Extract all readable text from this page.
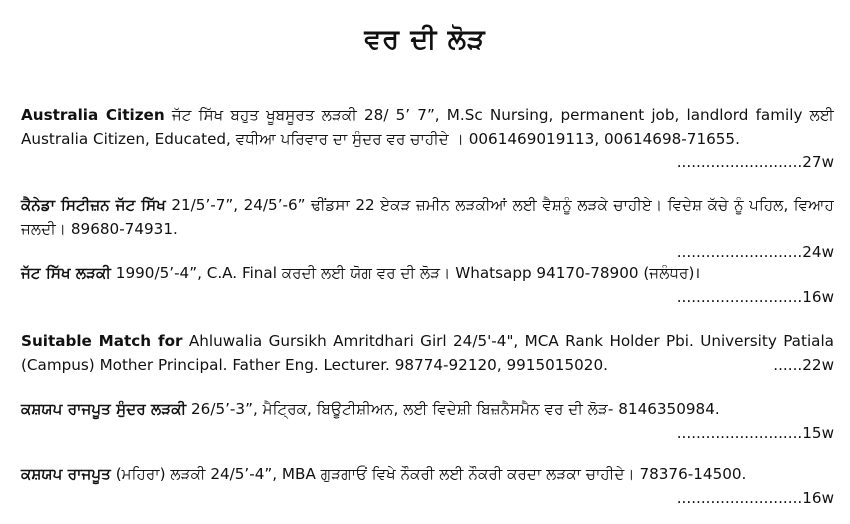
ਵਰ ਦੀ ਲੋੜ

Australia Citizen ਜੱਟ ਸਿੱਖ ਬਹੁਤ ਖੂਬਸੂਰਤ ਲੜਕੀ 28/ 5’ 7”, M.Sc Nursing, permanent job, landlord family ਲਈ Australia Citizen, Educated, ਵਧੀਆ ਪਰਿਵਾਰ ਦਾ ਸੁੰਦਰ ਵਰ ਚਾਹੀਦੇ । 0061469019113, 00614698-71655.
..........................27w

ਕੈਨੇਡਾ ਸਿਟੀਜ਼ਨ ਜੱਟ ਸਿੱਖ 21/5’-7”, 24/5’-6” ਢੀਂਡਸਾ 22 ਏਕੜ ਜ਼ਮੀਨ ਲੜਕੀਆਂ ਲਈ ਵੈਸ਼ਨੂੰ ਲੜਕੇ ਚਾਹੀਏ। ਵਿਦੇਸ਼ ਕੱਚੇ ਨੂੰ ਪਹਿਲ, ਵਿਆਹ ਜਲਦੀ। 89680-74931.
..........................24w

ਜੱਟ ਸਿੱਖ ਲੜਕੀ 1990/5’-4”, C.A. Final ਕਰਦੀ ਲਈ ਯੋਗ ਵਰ ਦੀ ਲੋੜ। Whatsapp 94170-78900 (ਜਲੰਧਰ)।
..........................16w

Suitable Match for Ahluwalia Gursikh Amritdhari Girl 24/5'-4", MCA Rank Holder Pbi. University Patiala (Campus) Mother Principal. Father Eng. Lecturer. 98774-92120, 9915015020.	......22w

ਕਸ਼ਯਪ ਰਾਜਪੂਤ ਸੁੰਦਰ ਲੜਕੀ 26/5’-3”, ਮੈਟ੍ਰਿਕ, ਬਿਊਟੀਸ਼ੀਅਨ, ਲਈ ਵਿਦੇਸ਼ੀ ਬਿਜ਼ਨੈਸਮੈਨ ਵਰ ਦੀ ਲੋੜ- 8146350984.
..........................15w

ਕਸ਼ਯਪ ਰਾਜਪੂਤ (ਮਹਿਰਾ) ਲੜਕੀ 24/5’-4”, MBA ਗੁੜਗਾਓਂ ਵਿਖੇ ਨੌਕਰੀ ਲਈ ਨੌਕਰੀ ਕਰਦਾ ਲੜਕਾ ਚਾਹੀਦੇ। 78376-14500.
..........................16w
